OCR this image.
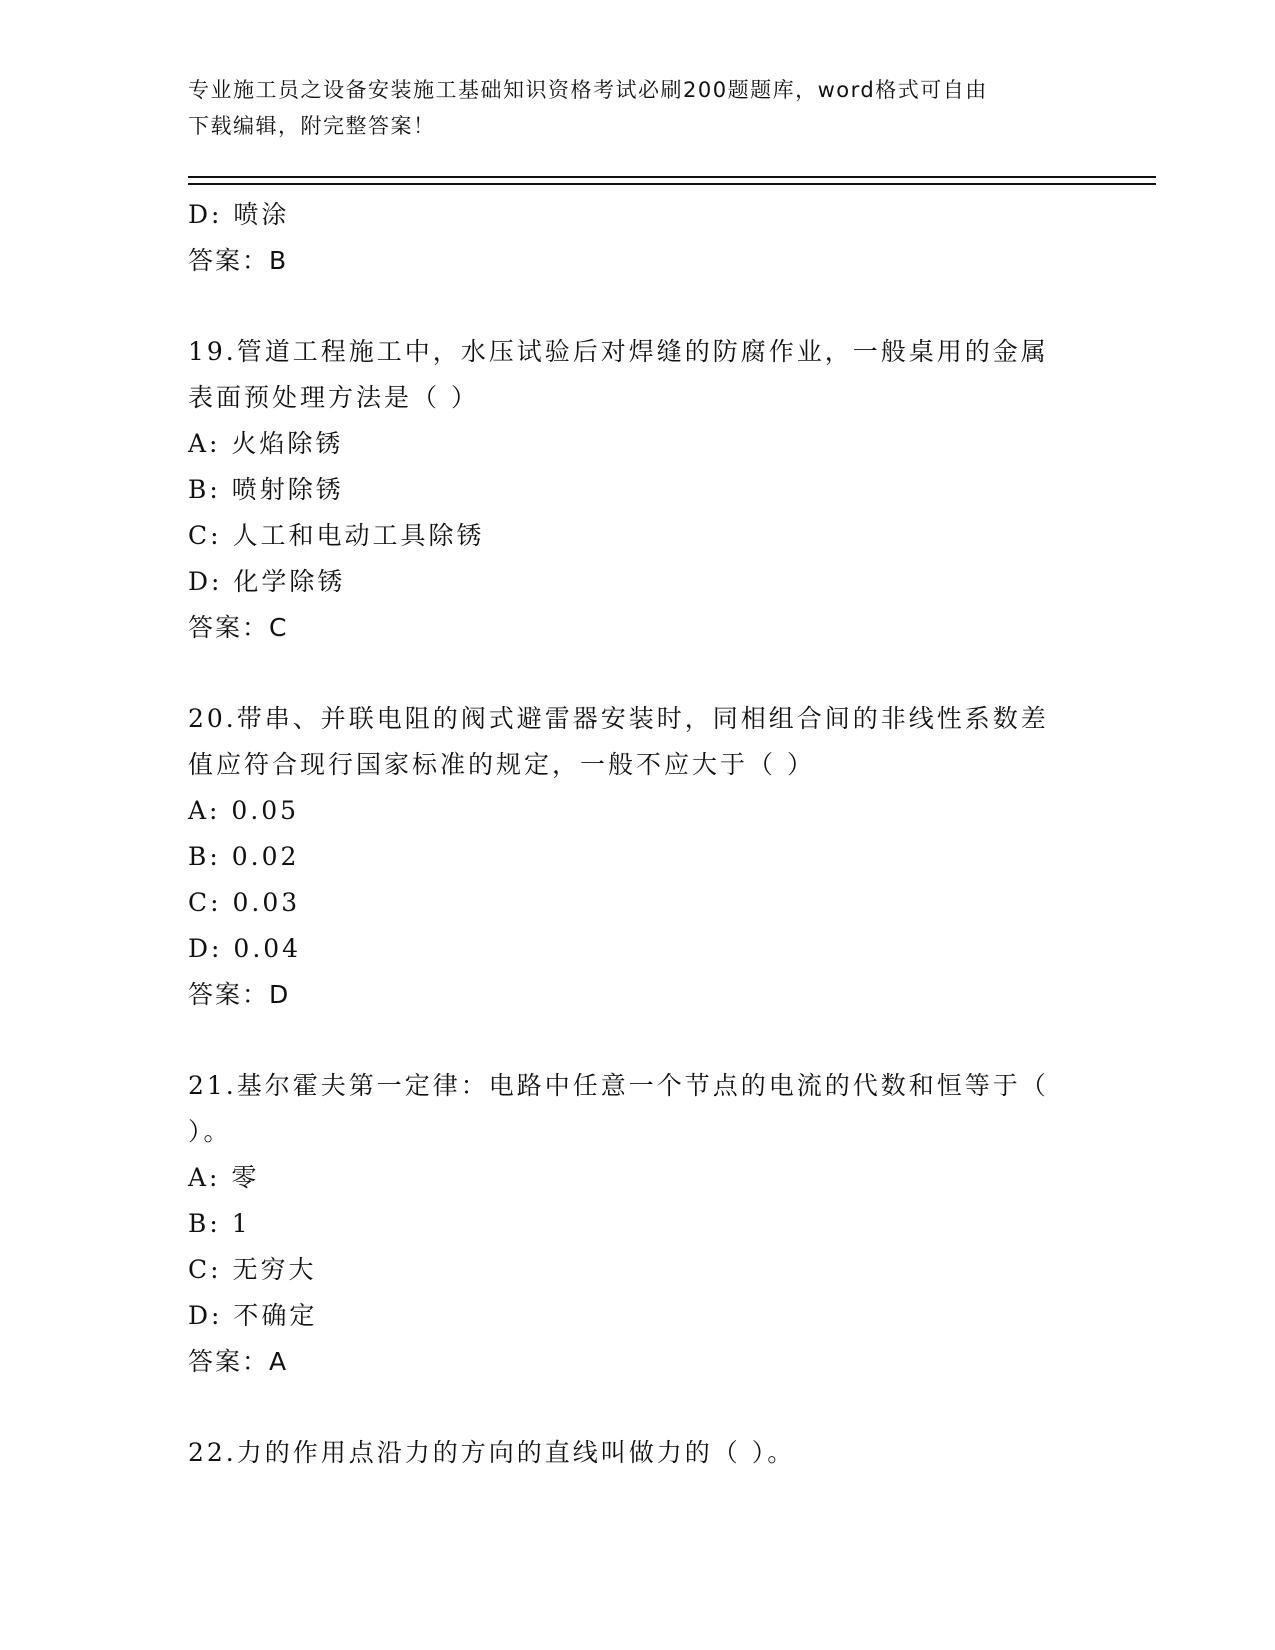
专业施工员之设备安装施工基础知识资格考试必刷200题题库，word格式可自由
下载编辑，附完整答案！
D: 喷涂
答案：B
19.管道工程施工中，水压试验后对焊缝的防腐作业，一般桌用的金属
表面预处理方法是（ ）
A: 火焰除锈
B: 喷射除锈
C: 人工和电动工具除锈
D: 化学除锈
答案：C
20.带串、并联电阻的阀式避雷器安装时，同相组合间的非线性系数差
值应符合现行国家标准的规定，一般不应大于（ ）
A: 0.05
B: 0.02
C: 0.03
D: 0.04
答案：D
21.基尔霍夫第一定律：电路中任意一个节点的电流的代数和恒等于（
）。
A: 零
B: 1
C: 无穷大
D: 不确定
答案：A
22.力的作用点沿力的方向的直线叫做力的（ ）。
